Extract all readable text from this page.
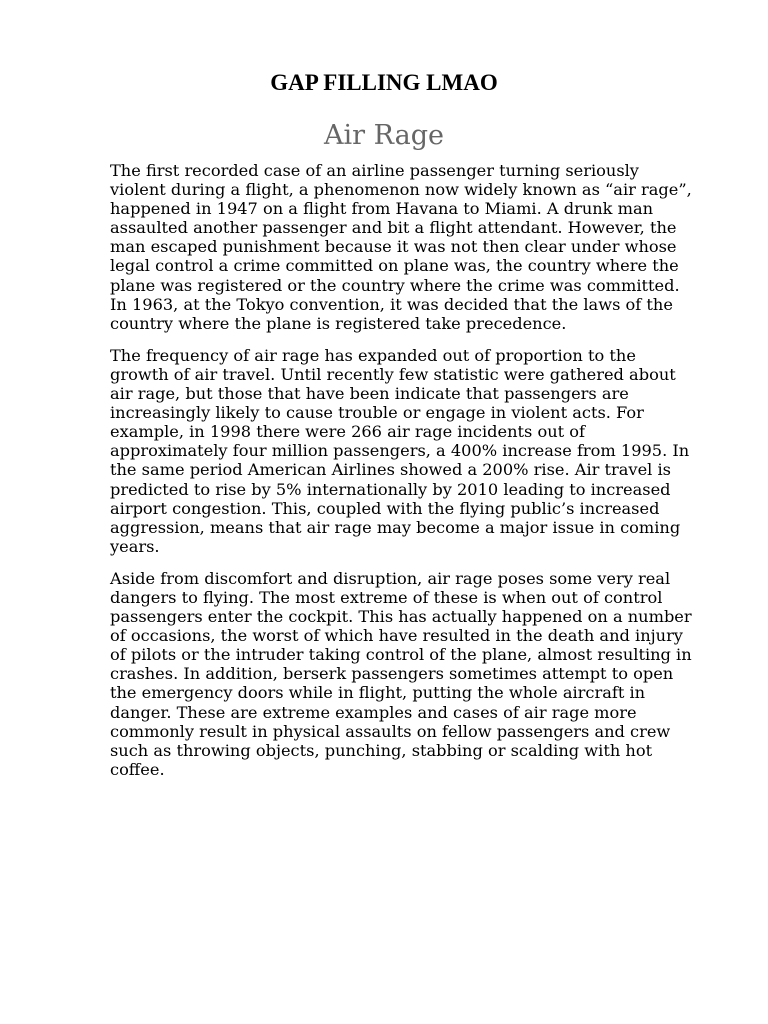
GAP FILLING LMAO
Air Rage

The first recorded case of an airline passenger turning seriously violent during a flight, a phenomenon now widely known as “air rage”, happened in 1947 on a flight from Havana to Miami. A drunk man assaulted another passenger and bit a flight attendant. However, the man escaped punishment because it was not then clear under whose legal control a crime committed on plane was, the country where the plane was registered or the country where the crime was committed. In 1963, at the Tokyo convention, it was decided that the laws of the country where the plane is registered take precedence.

The frequency of air rage has expanded out of proportion to the growth of air travel. Until recently few statistic were gathered about air rage, but those that have been indicate that passengers are increasingly likely to cause trouble or engage in violent acts. For example, in 1998 there were 266 air rage incidents out of approximately four million passengers, a 400% increase from 1995. In the same period American Airlines showed a 200% rise. Air travel is predicted to rise by 5% internationally by 2010 leading to increased airport congestion. This, coupled with the flying public’s increased aggression, means that air rage may become a major issue in coming years.

Aside from discomfort and disruption, air rage poses some very real dangers to flying. The most extreme of these is when out of control passengers enter the cockpit. This has actually happened on a number of occasions, the worst of which have resulted in the death and injury of pilots or the intruder taking control of the plane, almost resulting in crashes. In addition, berserk passengers sometimes attempt to open the emergency doors while in flight, putting the whole aircraft in danger. These are extreme examples and cases of air rage more commonly result in physical assaults on fellow passengers and crew such as throwing objects, punching, stabbing or scalding with hot coffee.
